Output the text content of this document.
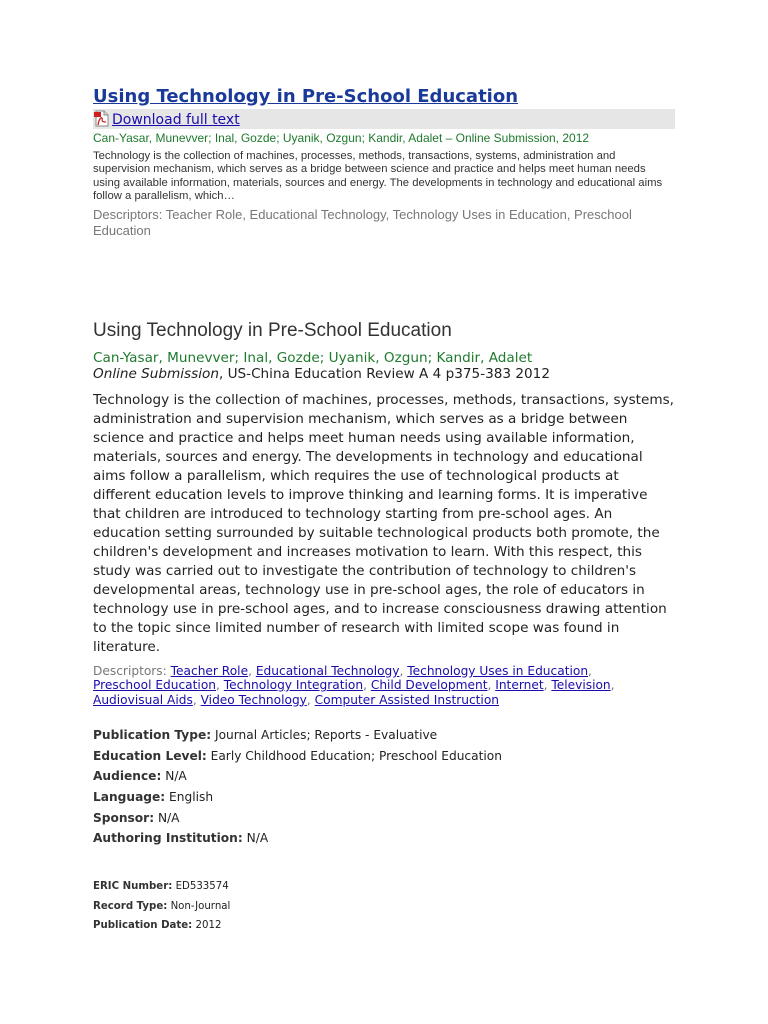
Using Technology in Pre-School Education
Download full text
Can-Yasar, Munevver; Inal, Gozde; Uyanik, Ozgun; Kandir, Adalet – Online Submission, 2012
Technology is the collection of machines, processes, methods, transactions, systems, administration and supervision mechanism, which serves as a bridge between science and practice and helps meet human needs using available information, materials, sources and energy. The developments in technology and educational aims follow a parallelism, which…
Descriptors: Teacher Role, Educational Technology, Technology Uses in Education, Preschool Education
Using Technology in Pre-School Education
Can-Yasar, Munevver; Inal, Gozde; Uyanik, Ozgun; Kandir, Adalet
Online Submission, US-China Education Review A 4 p375-383 2012
Technology is the collection of machines, processes, methods, transactions, systems, administration and supervision mechanism, which serves as a bridge between science and practice and helps meet human needs using available information, materials, sources and energy. The developments in technology and educational aims follow a parallelism, which requires the use of technological products at different education levels to improve thinking and learning forms. It is imperative that children are introduced to technology starting from pre-school ages. An education setting surrounded by suitable technological products both promote, the children's development and increases motivation to learn. With this respect, this study was carried out to investigate the contribution of technology to children's developmental areas, technology use in pre-school ages, the role of educators in technology use in pre-school ages, and to increase consciousness drawing attention to the topic since limited number of research with limited scope was found in literature.
Descriptors: Teacher Role, Educational Technology, Technology Uses in Education, Preschool Education, Technology Integration, Child Development, Internet, Television, Audiovisual Aids, Video Technology, Computer Assisted Instruction
Publication Type: Journal Articles; Reports - Evaluative
Education Level: Early Childhood Education; Preschool Education
Audience: N/A
Language: English
Sponsor: N/A
Authoring Institution: N/A
ERIC Number: ED533574
Record Type: Non-Journal
Publication Date: 2012
